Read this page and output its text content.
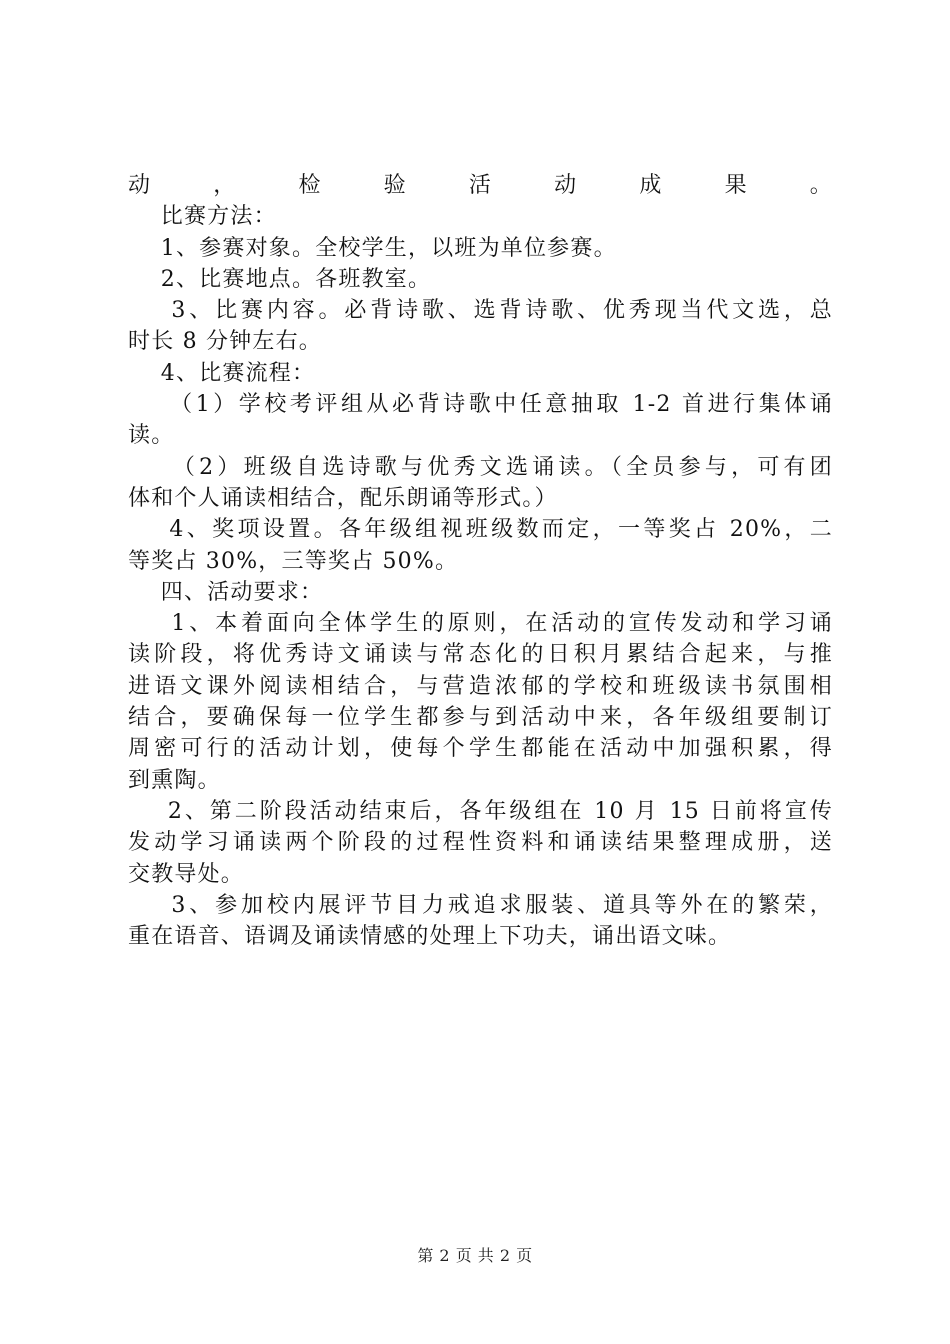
动，检验活动成果。
比赛方法：
1、参赛对象。全校学生，以班为单位参赛。
2、比赛地点。各班教室。
3、比赛内容。必背诗歌、选背诗歌、优秀现当代文选，总
时长 8 分钟左右。
4、比赛流程：
（1）学校考评组从必背诗歌中任意抽取 1-2 首进行集体诵
读。
（2）班级自选诗歌与优秀文选诵读。（全员参与，可有团
体和个人诵读相结合，配乐朗诵等形式。）
4、奖项设置。各年级组视班级数而定，一等奖占 20%，二
等奖占 30%，三等奖占 50%。
四、活动要求：
1、本着面向全体学生的原则，在活动的宣传发动和学习诵
读阶段，将优秀诗文诵读与常态化的日积月累结合起来，与推
进语文课外阅读相结合，与营造浓郁的学校和班级读书氛围相
结合，要确保每一位学生都参与到活动中来，各年级组要制订
周密可行的活动计划，使每个学生都能在活动中加强积累，得
到熏陶。
2、第二阶段活动结束后，各年级组在 10 月 15 日前将宣传
发动学习诵读两个阶段的过程性资料和诵读结果整理成册，送
交教导处。
3、参加校内展评节目力戒追求服装、道具等外在的繁荣，
重在语音、语调及诵读情感的处理上下功夫，诵出语文味。
第 2 页 共 2 页
